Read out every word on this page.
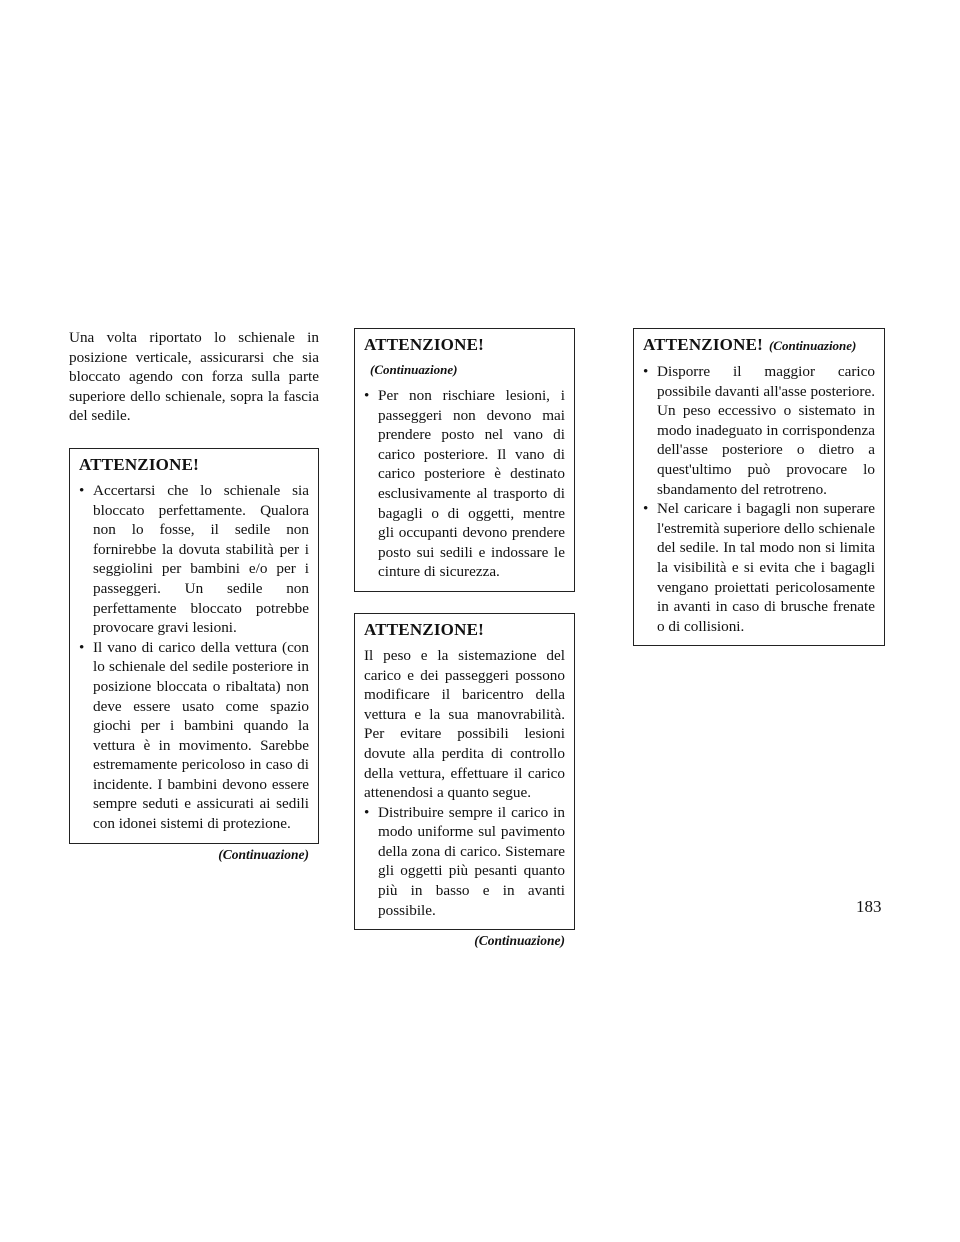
Una volta riportato lo schienale in posizione verticale, assicurarsi che sia bloccato agendo con forza sulla parte superiore dello schienale, sopra la fascia del sedile.

ATTENZIONE!
• Accertarsi che lo schienale sia bloccato perfettamente. Qualora non lo fosse, il sedile non fornirebbe la dovuta stabilità per i seggiolini per bambini e/o per i passeggeri. Un sedile non perfettamente bloccato potrebbe provocare gravi lesioni.
• Il vano di carico della vettura (con lo schienale del sedile posteriore in posizione bloccata o ribaltata) non deve essere usato come spazio giochi per i bambini quando la vettura è in movimento. Sarebbe estremamente pericoloso in caso di incidente. I bambini devono essere sempre seduti e assicurati ai sedili con idonei sistemi di protezione.
(Continuazione)
ATTENZIONE!(Continuazione)
• Per non rischiare lesioni, i passeggeri non devono mai prendere posto nel vano di carico posteriore. Il vano di carico posteriore è destinato esclusivamente al trasporto di bagagli o di oggetti, mentre gli occupanti devono prendere posto sui sedili e indossare le cinture di sicurezza.
ATTENZIONE!

Il peso e la sistemazione del carico e dei passeggeri possono modificare il baricentro della vettura e la sua manovrabilità. Per evitare possibili lesioni dovute alla perdita di controllo della vettura, effettuare il carico attenendosi a quanto segue.

• Distribuire sempre il carico in modo uniforme sul pavimento della zona di carico. Sistemare gli oggetti più pesanti quanto più in basso e in avanti possibile.
(Continuazione)
ATTENZIONE! (Continuazione)
• Disporre il maggior carico possibile davanti all'asse posteriore. Un peso eccessivo o sistemato in modo inadeguato in corrispondenza dell'asse posteriore o dietro a quest'ultimo può provocare lo sbandamento del retrotreno.
• Nel caricare i bagagli non superare l'estremità superiore dello schienale del sedile. In tal modo non si limita la visibilità e si evita che i bagagli vengano proiettati pericolosamente in avanti in caso di brusche frenate o di collisioni.
183
